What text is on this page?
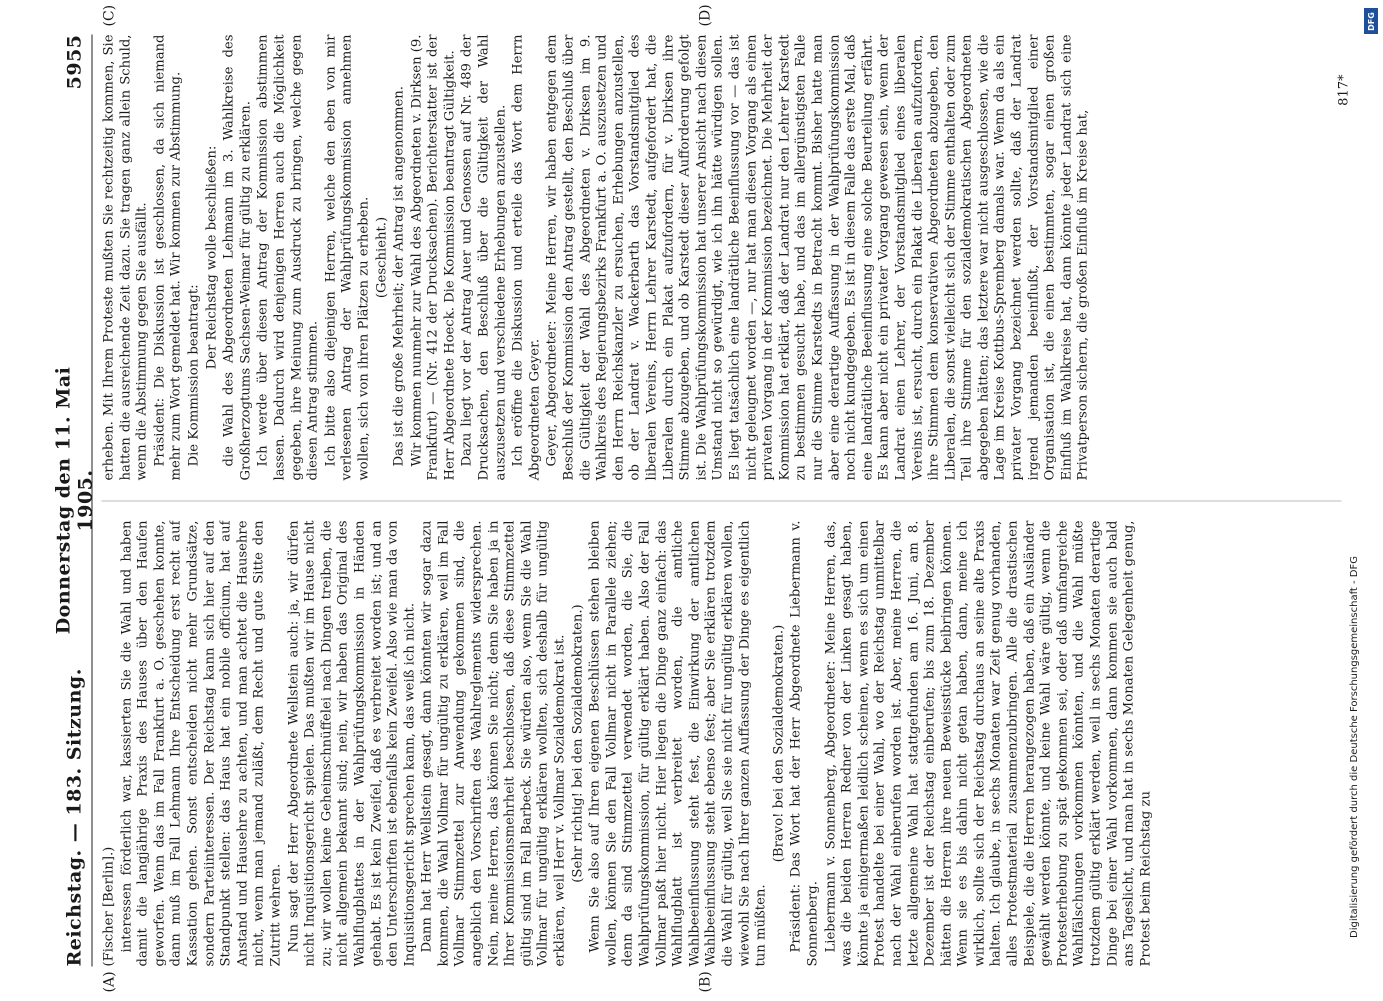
Reichstag. — 183. Sitzung.
Donnerstag den 11. Mai 1905.
5955
(A)	(B)
(C)	(D)

(Fischer [Berlin].) interessen förderlich war, kassierten Sie die Wahl und haben damit die langjährige Praxis des Hauses über den Haufen geworfen. Wenn das im Fall Frankfurt a. O. geschehen konnte, dann muß im Fall Lehmann Ihre Entscheidung erst recht auf Kassation gehen. Sonst entscheiden nicht mehr Grundsätze, sondern Parteiinteressen. Der Reichstag kann sich hier auf den Standpunkt stellen: das Haus hat ein nobile officium, hat auf Anstand und Hausehre zu achten, und man achtet die Hausehre nicht, wenn man jemand zuläßt, dem Recht und gute Sitte den Zutritt wehren. Nun sagt der Herr Abgeordnete Wellstein auch: ja, wir dürfen nicht Inquisitionsgericht spielen. Das mußten wir im Hause nicht zu; wir wollen keine Geheimschnüffelei nach Dingen treiben, die nicht allgemein bekannt sind; nein, wir haben das Original des Wahlflugblattes in der Wahlprüfungskommission in Händen gehabt. Es ist kein Zweifel, daß es verbreitet worden ist; und an den Unterschriften ist ebenfalls kein Zweifel. Also wie man da von Inquisitionsgericht sprechen kann, das weiß ich nicht. Dann hat Herr Wellstein gesagt, dann könnten wir sogar dazu kommen, die Wahl Vollmar für ungültig zu erklären, weil im Fall Vollmar Stimmzettel zur Anwendung gekommen sind, die angeblich den Vorschriften des Wahlreglements widersprechen. Nein, meine Herren, das können Sie nicht; denn Sie haben ja in Ihrer Kommissionsmehrheit beschlossen, daß diese Stimmzettel gültig sind im Fall Barbeck. Sie würden also, wenn Sie die Wahl Vollmar für ungültig erklären wollten, sich deshalb für ungültig erklären, weil Herr v. Vollmar Sozialdemokrat ist. (Sehr richtig! bei den Sozialdemokraten.) Wenn Sie also auf Ihren eigenen Beschlüssen stehen bleiben wollen, können Sie den Fall Vollmar nicht in Parallele ziehen; denn da sind Stimmzettel verwendet worden, die Sie, die Wahlprüfungskommission, für gültig erklärt haben. Also der Fall Vollmar paßt hier nicht. Hier liegen die Dinge ganz einfach: das Wahlflugblatt ist verbreitet worden, die amtliche Wahlbeeinflussung steht fest, die Einwirkung der amtlichen Wahlbeeinflussung steht ebenso fest; aber Sie erklären trotzdem die Wahl für gültig, weil Sie sie nicht für ungültig erklären wollen, wiewohl Sie nach Ihrer ganzen Auffassung der Dinge es eigentlich tun müßten.

(Bravo! bei den Sozialdemokraten.) Präsident: Das Wort hat der Herr Abgeordnete Liebermann v. Sonnenberg. Liebermann v. Sonnenberg, Abgeordneter: Meine Herren, das, was die beiden Herren Redner von der Linken gesagt haben, könnte ja einigermaßen leidlich scheinen, wenn es sich um einen Protest handelte bei einer Wahl, wo der Reichstag unmittelbar nach der Wahl einberufen worden ist. Aber, meine Herren, die letzte allgemeine Wahl hat stattgefunden am 16. Juni, am 8. Dezember ist der Reichstag einberufen; bis zum 18. Dezember hätten die Herren ihre neuen Beweisstücke beibringen können. Wenn sie es bis dahin nicht getan haben, dann, meine ich wirklich, sollte sich der Reichstag durchaus an seine alte Praxis halten. Ich glaube, in sechs Monaten war Zeit genug vorhanden, alles Protestmaterial zusammenzubringen. Alle die drastischen Beispiele, die die Herren herangezogen haben, daß ein Ausländer gewählt werden könnte, und keine Wahl wäre gültig, wenn die Protesterhebung zu spät gekommen sei, oder daß umfangreiche Wahlfälschungen vorkommen könnten, und die Wahl müßte trotzdem gültig erklärt werden, weil in sechs Monaten derartige Dinge bei einer Wahl vorkommen, dann kommen sie auch bald ans Tageslicht, und man hat in sechs Monaten Gelegenheit genug, Protest beim Reichstag zu

erheben. Mit Ihrem Proteste mußten Sie rechtzeitig kommen, Sie hatten die ausreichende Zeit dazu. Sie tragen ganz allein Schuld, wenn die Abstimmung gegen Sie ausfällt. Präsident: Die Diskussion ist geschlossen, da sich niemand mehr zum Wort gemeldet hat. Wir kommen zur Abstimmung. Die Kommission beantragt:

Der Reichstag wolle beschließen: die Wahl des Abgeordneten Lehmann im 3. Wahlkreise des Großherzogtums Sachsen-Weimar für gültig zu erklären. Ich werde über diesen Antrag der Kommission abstimmen lassen. Dadurch wird denjenigen Herren auch die Möglichkeit gegeben, ihre Meinung zum Ausdruck zu bringen, welche gegen diesen Antrag stimmen. Ich bitte also diejenigen Herren, welche den eben von mir verlesenen Antrag der Wahlprüfungskommission annehmen wollen, sich von ihren Plätzen zu erheben. (Geschieht.) Das ist die große Mehrheit; der Antrag ist angenommen. Wir kommen nunmehr zur Wahl des Abgeordneten v. Dirksen (9. Frankfurt) — (Nr. 412 der Drucksachen). Berichterstatter ist der Herr Abgeordnete Hoeck. Die Kommission beantragt Gültigkeit. Dazu liegt vor der Antrag Auer und Genossen auf Nr. 489 der Drucksachen, den Beschluß über die Gültigkeit der Wahl auszusetzen und verschiedene Erhebungen anzustellen. Ich eröffne die Diskussion und erteile das Wort dem Herrn Abgeordneten Geyer. Geyer, Abgeordneter: Meine Herren, wir haben entgegen dem Beschluß der Kommission den Antrag gestellt, den Beschluß über die Gültigkeit der Wahl des Abgeordneten v. Dirksen im 9. Wahlkreis des Regierungsbezirks Frankfurt a. O. auszusetzen und den Herrn Reichskanzler zu ersuchen, Erhebungen anzustellen, ob der Landrat v. Wackerbarth das Vorstandsmitglied des liberalen Vereins, Herrn Lehrer Karstedt, aufgefordert hat, die Liberalen durch ein Plakat aufzufordern, für v. Dirksen ihre Stimme abzugeben, und ob Karstedt dieser Aufforderung gefolgt ist. Die Wahlprüfungskommission hat unserer Ansicht nach diesen Umstand nicht so gewürdigt, wie ich ihn hätte würdigen sollen. Es liegt tatsächlich eine landrätliche Beeinflussung vor — das ist nicht geleugnet worden —, nur hat man diesen Vorgang als einen privaten Vorgang in der Kommission bezeichnet. Die Mehrheit der Kommission hat erklärt, daß der Landrat nur den Lehrer Karstedt zu bestimmen gesucht habe, und das im allergünstigsten Falle nur die Stimme Karstedts in Betracht kommt. Bisher hatte man aber eine derartige Auffassung in der Wahlprüfungskommission noch nicht kundgegeben. Es ist in diesem Falle das erste Mal, daß eine landrätliche Beeinflussung eine solche Beurteilung erfährt. Es kann aber nicht ein privater Vorgang gewesen sein, wenn der Landrat einen Lehrer, der Vorstandsmitglied eines liberalen Vereins ist, ersucht, durch ein Plakat die Liberalen aufzufordern, ihre Stimmen dem konservativen Abgeordneten abzugeben, den Liberalen, die sonst vielleicht sich der Stimme enthalten oder zum Teil ihre Stimme für den sozialdemokratischen Abgeordneten abgegeben hätten; das letztere war nicht ausgeschlossen, wie die Lage im Kreise Kottbus-Spremberg damals war. Wenn da als ein privater Vorgang bezeichnet werden sollte, daß der Landrat irgend jemanden beeinflußt, der Vorstandsmitglied einer Organisation ist, die einen bestimmten, sogar einen großen Einfluß im Wahlkreise hat, dann könnte jeder Landrat sich eine Privatperson sichern, die großen Einfluß im Kreise hat,

817*
Digitalisierung gefördert durch die Deutsche Forschungsgemeinschaft - DFG
DFG
